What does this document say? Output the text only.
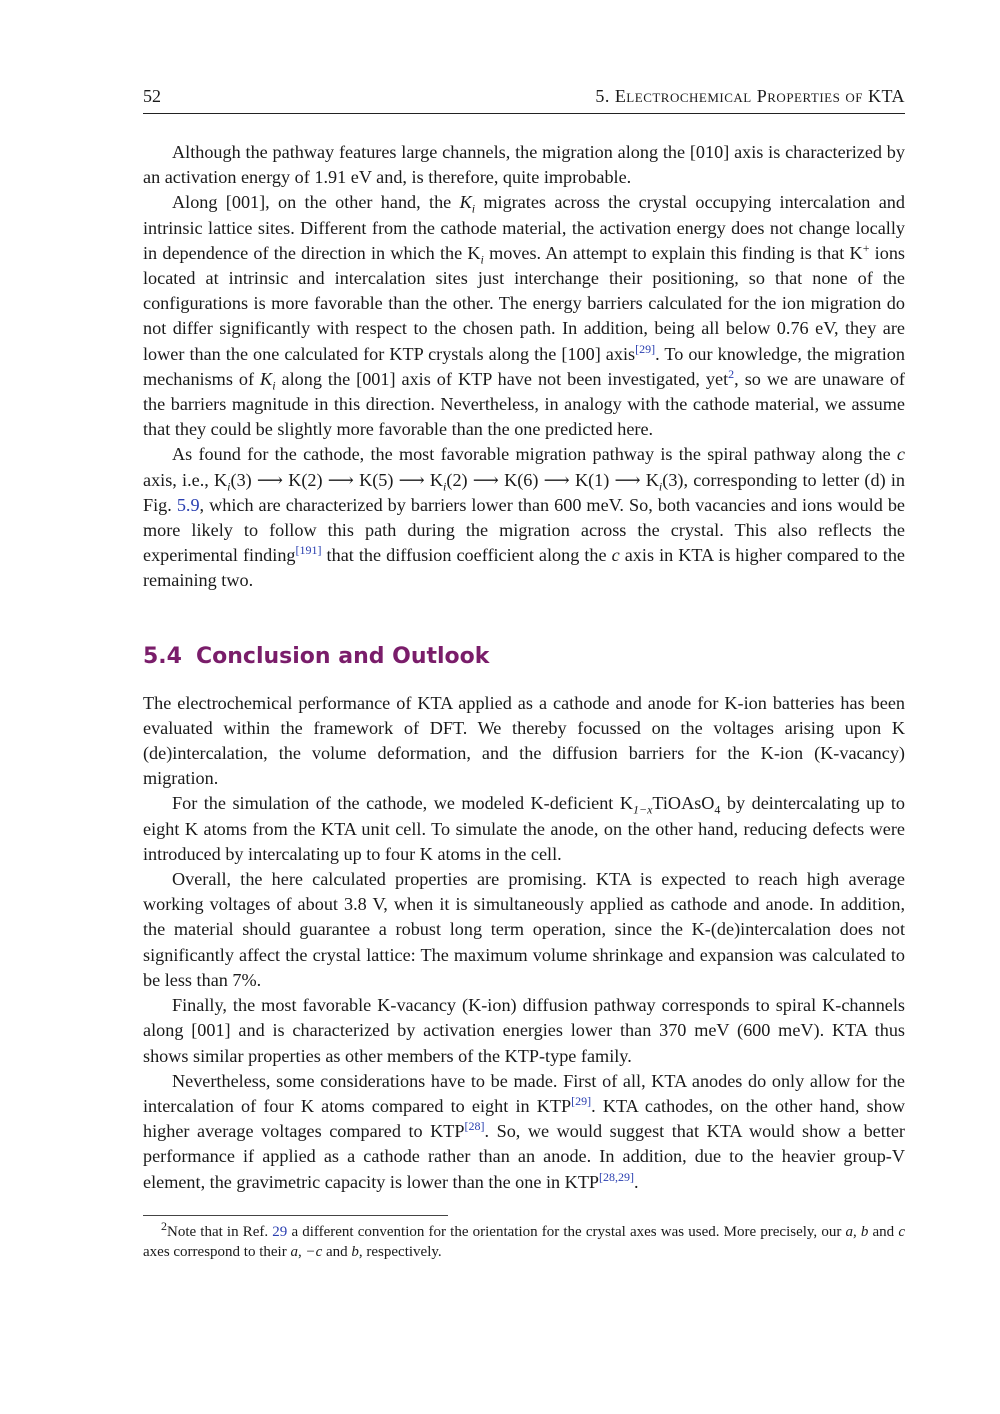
52	5. Electrochemical Properties of KTA

Although the pathway features large channels, the migration along the [010] axis is characterized by an activation energy of 1.91 eV and, is therefore, quite improbable.

Along [001], on the other hand, the $K_i$ migrates across the crystal occupying intercalation and intrinsic lattice sites. Different from the cathode material, the activation energy does not change locally in dependence of the direction in which the $K_i$ moves. An attempt to explain this finding is that K+ ions located at intrinsic and intercalation sites just interchange their positioning, so that none of the configurations is more favorable than the other. The energy barriers calculated for the ion migration do not differ significantly with respect to the chosen path. In addition, being all below 0.76 eV, they are lower than the one calculated for KTP crystals along the [100] axis[29]. To our knowledge, the migration mechanisms of $K_i$ along the [001] axis of KTP have not been investigated, yet$^2$, so we are unaware of the barriers magnitude in this direction. Nevertheless, in analogy with the cathode material, we assume that they could be slightly more favorable than the one predicted here.

As found for the cathode, the most favorable migration pathway is the spiral pathway along the c axis, i.e., $K_i(3)$ ⟶ K(2) ⟶ K(5) ⟶ $K_i(2)$ ⟶ K(6) ⟶ K(1) ⟶ $K_i(3)$, corresponding to letter (d) in Fig. 5.9, which are characterized by barriers lower than 600 meV. So, both vacancies and ions would be more likely to follow this path during the migration across the crystal. This also reflects the experimental finding[191] that the diffusion coefficient along the c axis in KTA is higher compared to the remaining two.

5.4 Conclusion and Outlook

The electrochemical performance of KTA applied as a cathode and anode for K-ion batteries has been evaluated within the framework of DFT. We thereby focussed on the voltages arising upon K (de)intercalation, the volume deformation, and the diffusion barriers for the K-ion (K-vacancy) migration.

For the simulation of the cathode, we modeled K-deficient $K_{1-x}TiOAsO_4$ by deintercalating up to eight K atoms from the KTA unit cell. To simulate the anode, on the other hand, reducing defects were introduced by intercalating up to four K atoms in the cell.

Overall, the here calculated properties are promising. KTA is expected to reach high average working voltages of about 3.8 V, when it is simultaneously applied as cathode and anode. In addition, the material should guarantee a robust long term operation, since the K-(de)intercalation does not significantly affect the crystal lattice: The maximum volume shrinkage and expansion was calculated to be less than 7%.

Finally, the most favorable K-vacancy (K-ion) diffusion pathway corresponds to spiral K-channels along [001] and is characterized by activation energies lower than 370 meV (600 meV). KTA thus shows similar properties as other members of the KTP-type family.

Nevertheless, some considerations have to be made. First of all, KTA anodes do only allow for the intercalation of four K atoms compared to eight in KTP[29]. KTA cathodes, on the other hand, show higher average voltages compared to KTP[28]. So, we would suggest that KTA would show a better performance if applied as a cathode rather than an anode. In addition, due to the heavier group-V element, the gravimetric capacity is lower than the one in KTP[28,29].

$^2$Note that in Ref. 29 a different convention for the orientation for the crystal axes was used. More precisely, our a, b and c axes correspond to their a, −c and b, respectively.
